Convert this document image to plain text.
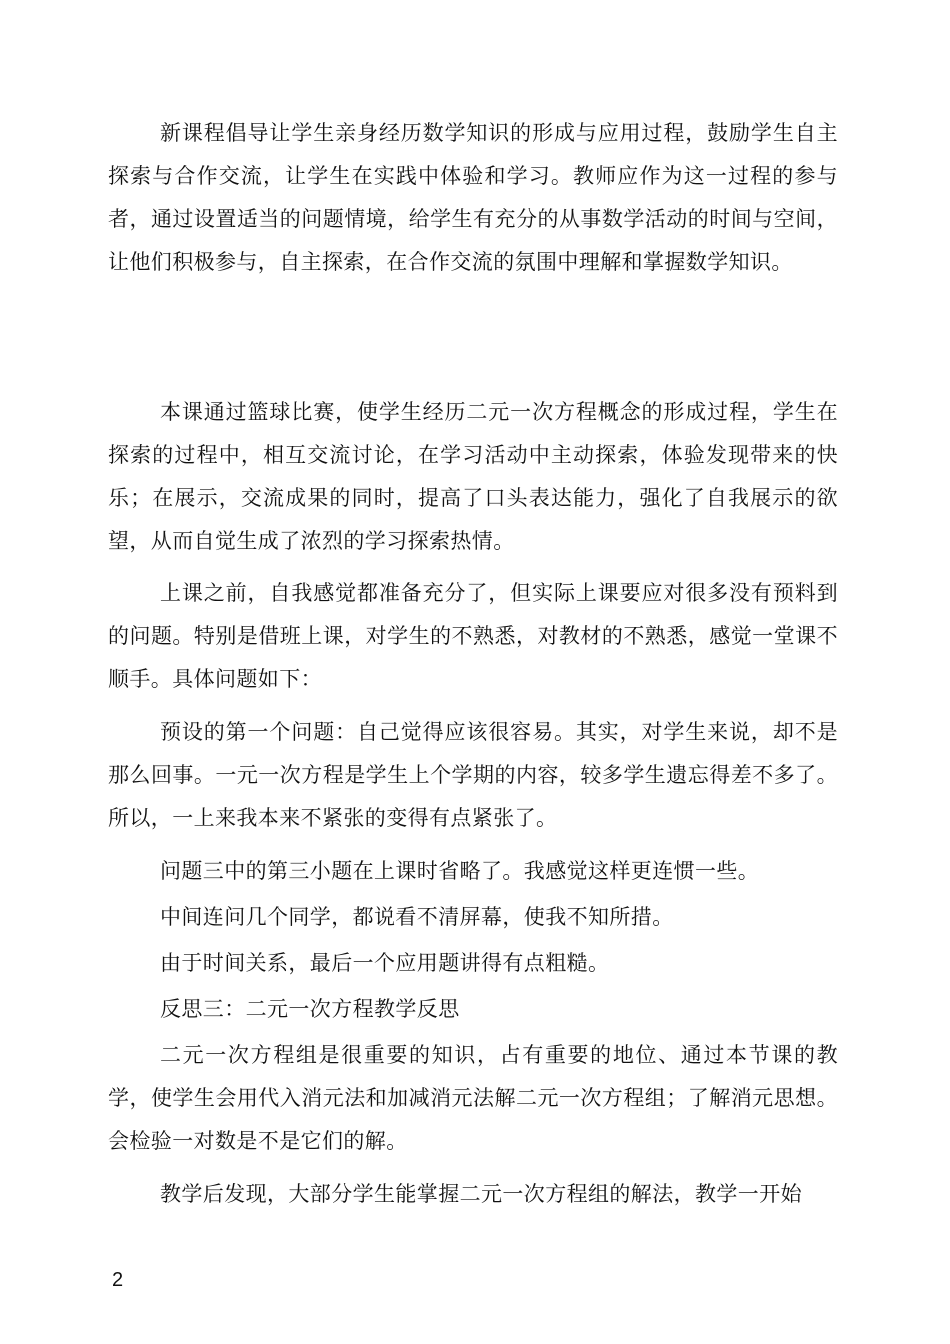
新课程倡导让学生亲身经历数学知识的形成与应用过程，鼓励学生自主探索与合作交流，让学生在实践中体验和学习。教师应作为这一过程的参与者，通过设置适当的问题情境，给学生有充分的从事数学活动的时间与空间，让他们积极参与，自主探索，在合作交流的氛围中理解和掌握数学知识。

本课通过篮球比赛，使学生经历二元一次方程概念的形成过程，学生在探索的过程中，相互交流讨论，在学习活动中主动探索，体验发现带来的快乐；在展示，交流成果的同时，提高了口头表达能力，强化了自我展示的欲望，从而自觉生成了浓烈的学习探索热情。

上课之前，自我感觉都准备充分了，但实际上课要应对很多没有预料到的问题。特别是借班上课，对学生的不熟悉，对教材的不熟悉，感觉一堂课不顺手。具体问题如下：

预设的第一个问题：自己觉得应该很容易。其实，对学生来说，却不是那么回事。一元一次方程是学生上个学期的内容，较多学生遗忘得差不多了。所以，一上来我本来不紧张的变得有点紧张了。

问题三中的第三小题在上课时省略了。我感觉这样更连惯一些。

中间连问几个同学，都说看不清屏幕，使我不知所措。

由于时间关系，最后一个应用题讲得有点粗糙。

反思三：二元一次方程教学反思

二元一次方程组是很重要的知识，占有重要的地位、通过本节课的教学，使学生会用代入消元法和加减消元法解二元一次方程组；了解消元思想。会检验一对数是不是它们的解。

教学后发现，大部分学生能掌握二元一次方程组的解法，教学一开始

2
